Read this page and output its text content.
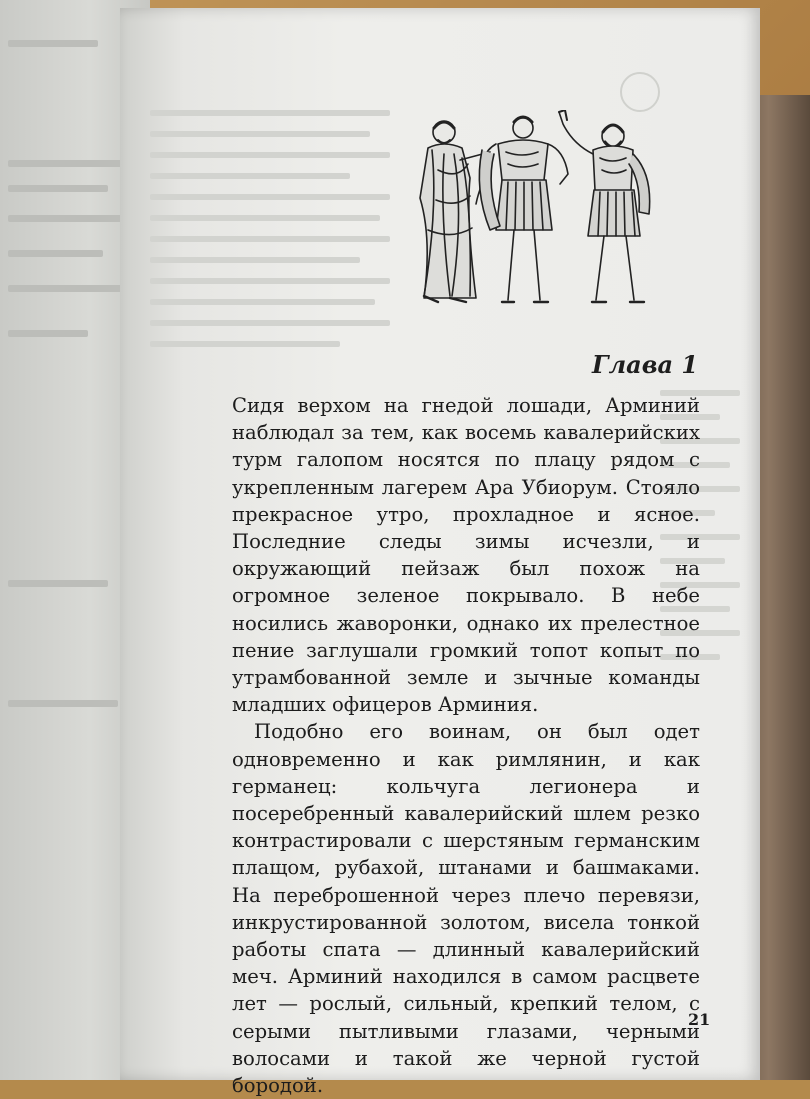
Глава 1

Сидя верхом на гнедой лошади, Арминий наблюдал за тем, как восемь кавалерийских турм галопом носятся по плацу рядом с укрепленным лагерем Ара Убиорум. Стояло прекрасное утро, прохладное и ясное. Последние следы зимы исчезли, и окружающий пейзаж был похож на огромное зеленое покрывало. В небе носились жаворонки, однако их прелестное пение заглушали громкий топот копыт по утрамбованной земле и зычные команды младших офицеров Арминия.

Подобно его воинам, он был одет одновременно и как римлянин, и как германец: кольчуга легионера и посеребренный кавалерийский шлем резко контрастировали с шерстяным германским плащом, рубахой, штанами и башмаками. На переброшенной через плечо перевязи, инкрустированной золотом, висела тонкой работы спата — длинный кавалерийский меч. Арминий находился в самом расцвете лет — рослый, сильный, крепкий телом, с серыми пытливыми глазами, черными волосами и такой же черной густой бородой.

21
